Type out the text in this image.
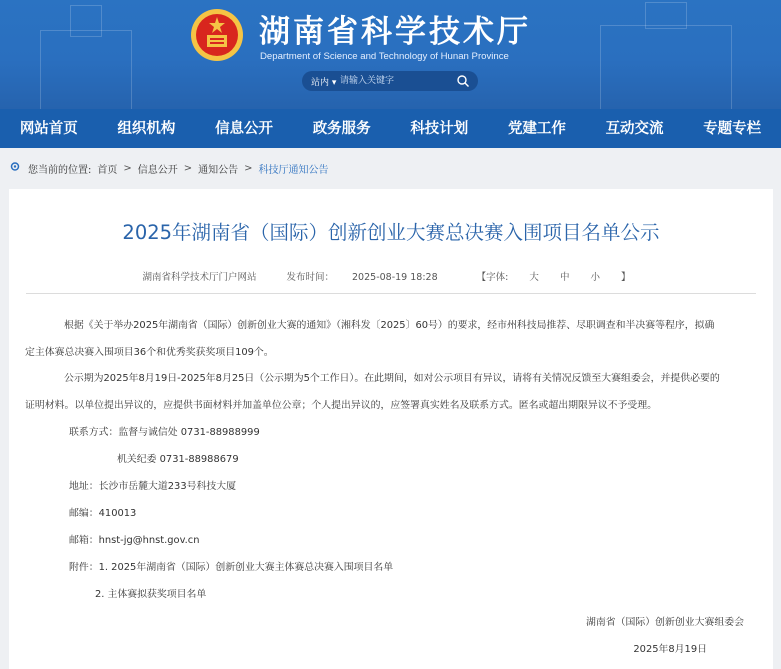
湖南省科学技术厅
Department of Science and Technology of Hunan Province
站内 ▾
请输入关键字
网站首页	组织机构	信息公开	政务服务	科技计划	党建工作	互动交流	专题专栏
您当前的位置: 首页 > 信息公开 > 通知公告 > 科技厅通知公告
2025年湖南省（国际）创新创业大赛总决赛入围项目名单公示
湖南省科学技术厅门户网站	发布时间： 2025-08-19 18:28	【字体: 大 中 小 】
根据《关于举办2025年湖南省（国际）创新创业大赛的通知》（湘科发〔2025〕60号）的要求，经市州科技局推荐、尽职调查和半决赛等程序，拟确
定主体赛总决赛入围项目36个和优秀奖获奖项目109个。
公示期为2025年8月19日-2025年8月25日（公示期为5个工作日）。在此期间，如对公示项目有异议，请将有关情况反馈至大赛组委会，并提供必要的
证明材料。以单位提出异议的，应提供书面材料并加盖单位公章；个人提出异议的，应签署真实姓名及联系方式。匿名或超出期限异议不予受理。
联系方式：监督与诚信处 0731-88988999
机关纪委 0731-88988679
地址：长沙市岳麓大道233号科技大厦
邮编：410013
邮箱：hnst-jg@hnst.gov.cn
附件：1. 2025年湖南省（国际）创新创业大赛主体赛总决赛入围项目名单
2. 主体赛拟获奖项目名单
湖南省（国际）创新创业大赛组委会
2025年8月19日
